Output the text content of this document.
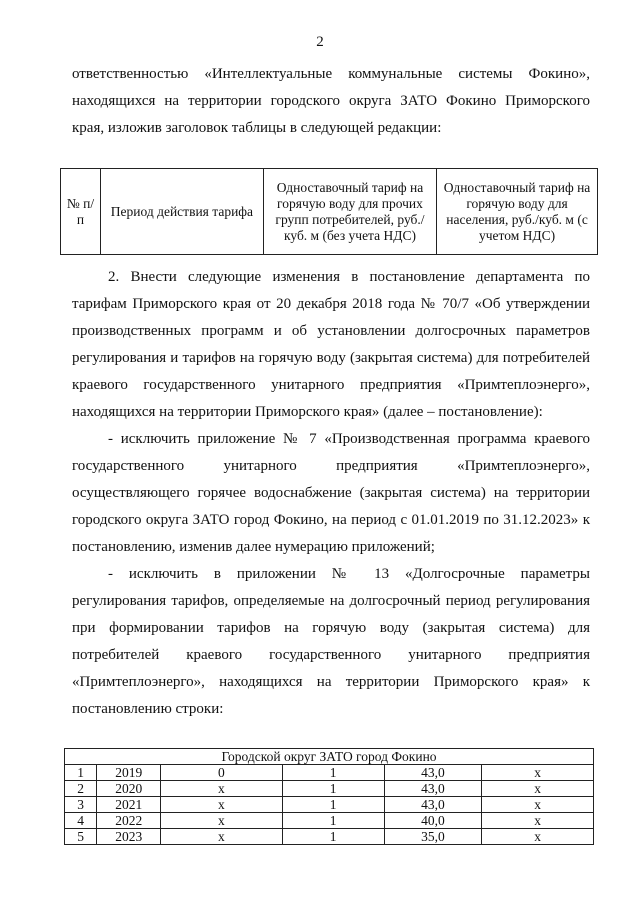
2
ответственностью «Интеллектуальные коммунальные системы Фокино»,
находящихся на территории городского округа ЗАТО Фокино Приморского
края, изложив заголовок таблицы в следующей редакции:
№ п/п	Период действия тарифа	Одноставочный тариф на горячую воду для прочих групп потребителей, руб./куб. м (без учета НДС)	Одноставочный тариф на горячую воду для населения, руб./куб. м (с учетом НДС)
2. Внести следующие изменения в постановление департамента по
тарифам Приморского края от 20 декабря 2018 года № 70/7 «Об утверждении
производственных программ и об установлении долгосрочных параметров
регулирования и тарифов на горячую воду (закрытая система) для потребителей
краевого государственного унитарного предприятия «Примтеплоэнерго»,
находящихся на территории Приморского края» (далее – постановление):
- исключить приложение № 7 «Производственная программа краевого
государственного унитарного предприятия «Примтеплоэнерго»,
осуществляющего горячее водоснабжение (закрытая система) на территории
городского округа ЗАТО город Фокино, на период с 01.01.2019 по 31.12.2023» к
постановлению, изменив далее нумерацию приложений;
- исключить в приложении № 13 «Долгосрочные параметры
регулирования тарифов, определяемые на долгосрочный период регулирования
при формировании тарифов на горячую воду (закрытая система) для
потребителей краевого государственного унитарного предприятия
«Примтеплоэнерго», находящихся на территории Приморского края» к
постановлению строки:
Городской округ ЗАТО город Фокино					
1	2019	0	1	43,0	х
2	2020	х	1	43,0	х
3	2021	х	1	43,0	х
4	2022	х	1	40,0	х
5	2023	х	1	35,0	х
